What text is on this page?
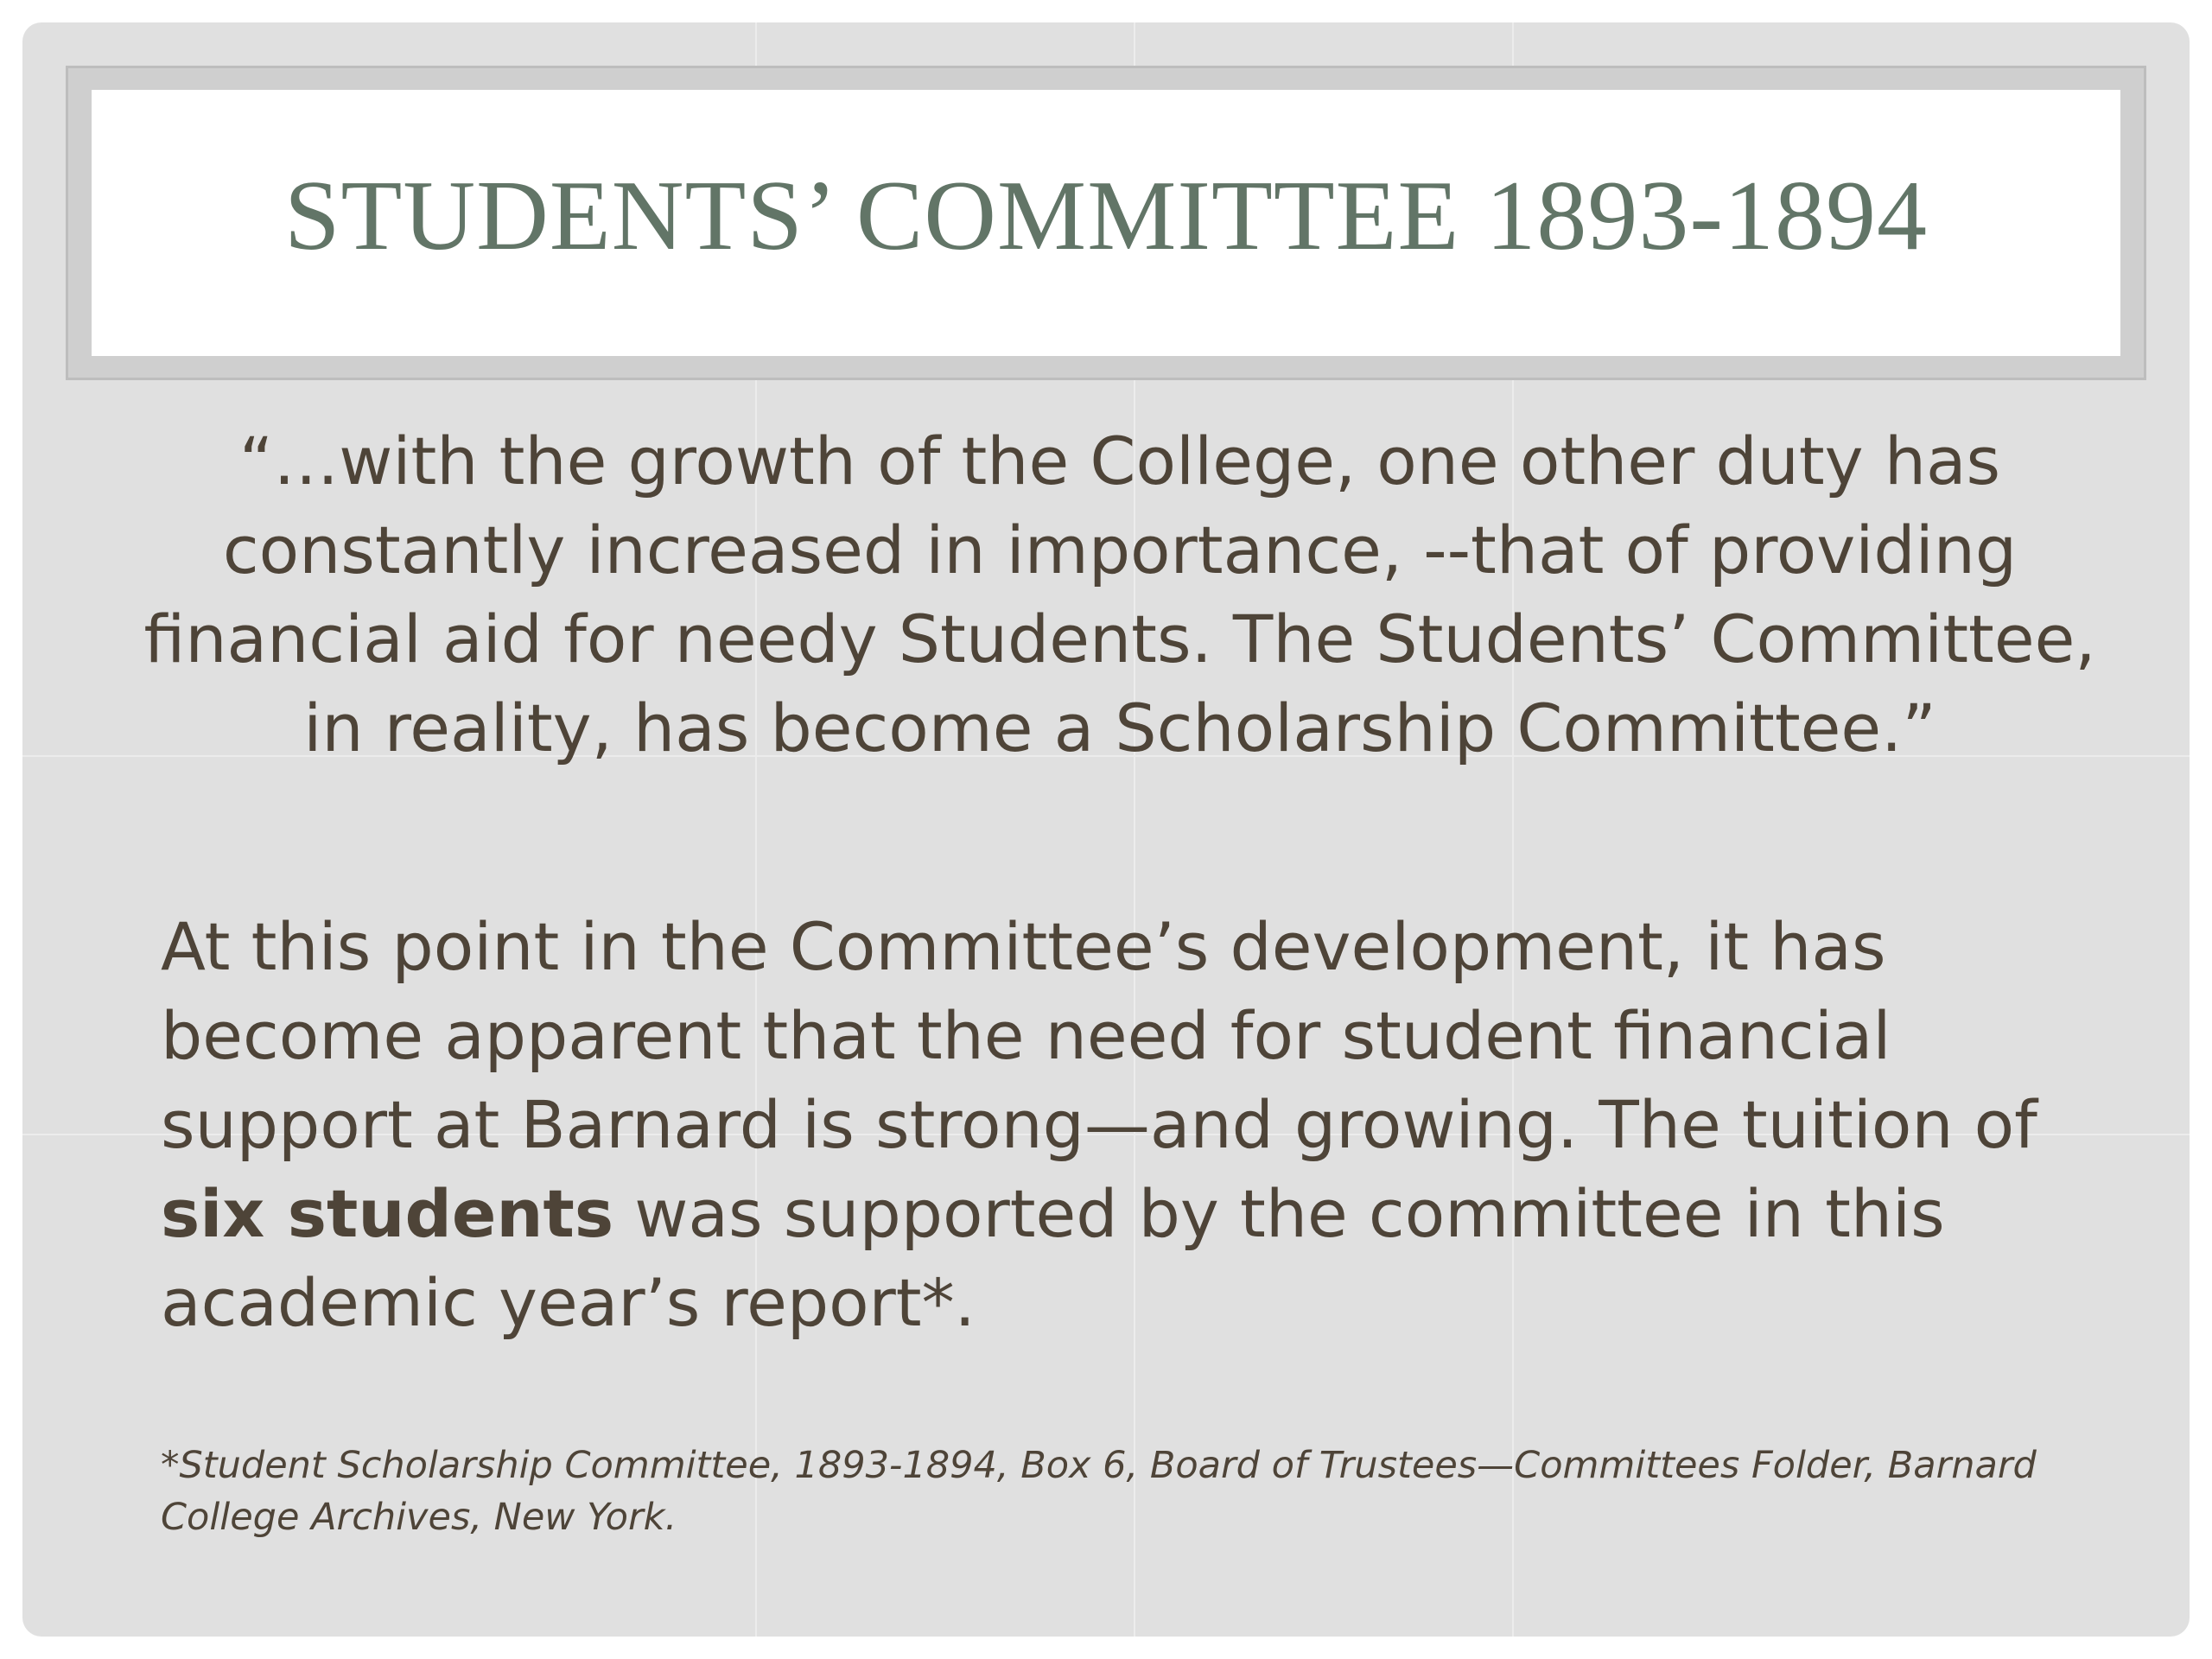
STUDENTS’ COMMITTEE 1893-1894
“…with the growth of the College, one other duty has constantly increased in importance, --that of providing financial aid for needy Students. The Students’ Committee, in reality, has become a Scholarship Committee.”
At this point in the Committee’s development, it has become apparent that the need for student financial support at Barnard is strong—and growing. The tuition of six students was supported by the committee in this academic year’s report*.
*Student Scholarship Committee, 1893-1894, Box 6, Board of Trustees—Committees Folder, Barnard College Archives, New York.
